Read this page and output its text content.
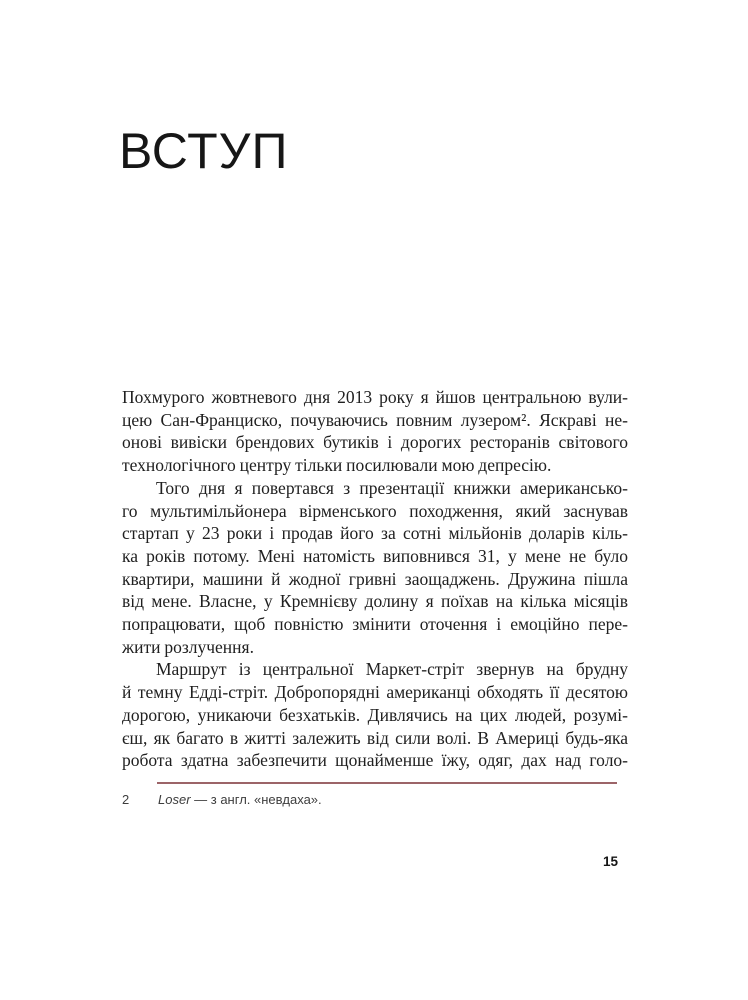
ВСТУП
Похмурого жовтневого дня 2013 року я йшов центральною вули-
цею Сан-Франциско, почуваючись повним лузером². Яскраві не-
онові вивіски брендових бутиків і дорогих ресторанів світового
технологічного центру тільки посилювали мою депресію.
Того дня я повертався з презентації книжки американсько-
го мультимільйонера вірменського походження, який заснував
стартап у 23 роки і продав його за сотні мільйонів доларів кіль-
ка років потому. Мені натомість виповнився 31, у мене не було
квартири, машини й жодної гривні заощаджень. Дружина пішла
від мене. Власне, у Кремнієву долину я поїхав на кілька місяців
попрацювати, щоб повністю змінити оточення і емоційно пере-
жити розлучення.
Маршрут із центральної Маркет-стріт звернув на брудну
й темну Едді-стріт. Добропорядні американці обходять її десятою
дорогою, уникаючи безхатьків. Дивлячись на цих людей, розумі-
єш, як багато в житті залежить від сили волі. В Америці будь-яка
робота здатна забезпечити щонайменше їжу, одяг, дах над голо-
2 Loser — з англ. «невдаха».
15
